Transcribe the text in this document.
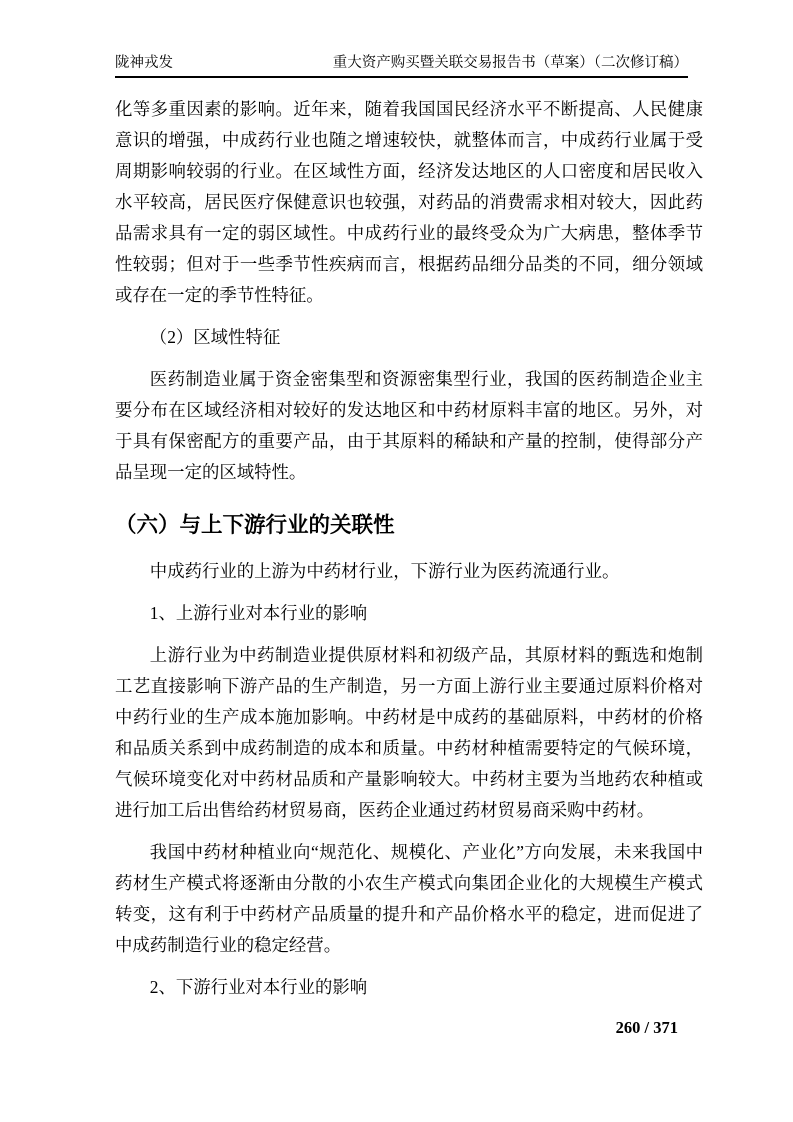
陇神戎发	重大资产购买暨关联交易报告书（草案）（二次修订稿）

化等多重因素的影响。近年来，随着我国国民经济水平不断提高、人民健康意识的增强，中成药行业也随之增速较快，就整体而言，中成药行业属于受周期影响较弱的行业。在区域性方面，经济发达地区的人口密度和居民收入水平较高，居民医疗保健意识也较强，对药品的消费需求相对较大，因此药品需求具有一定的弱区域性。中成药行业的最终受众为广大病患，整体季节性较弱；但对于一些季节性疾病而言，根据药品细分品类的不同，细分领域或存在一定的季节性特征。

（2）区域性特征

医药制造业属于资金密集型和资源密集型行业，我国的医药制造企业主要分布在区域经济相对较好的发达地区和中药材原料丰富的地区。另外，对于具有保密配方的重要产品，由于其原料的稀缺和产量的控制，使得部分产品呈现一定的区域特性。

（六）与上下游行业的关联性

中成药行业的上游为中药材行业，下游行业为医药流通行业。

1、上游行业对本行业的影响

上游行业为中药制造业提供原材料和初级产品，其原材料的甄选和炮制工艺直接影响下游产品的生产制造，另一方面上游行业主要通过原料价格对中药行业的生产成本施加影响。中药材是中成药的基础原料，中药材的价格和品质关系到中成药制造的成本和质量。中药材种植需要特定的气候环境，气候环境变化对中药材品质和产量影响较大。中药材主要为当地药农种植或进行加工后出售给药材贸易商，医药企业通过药材贸易商采购中药材。

我国中药材种植业向“规范化、规模化、产业化”方向发展，未来我国中药材生产模式将逐渐由分散的小农生产模式向集团企业化的大规模生产模式转变，这有利于中药材产品质量的提升和产品价格水平的稳定，进而促进了中成药制造行业的稳定经营。

2、下游行业对本行业的影响

260 / 371
